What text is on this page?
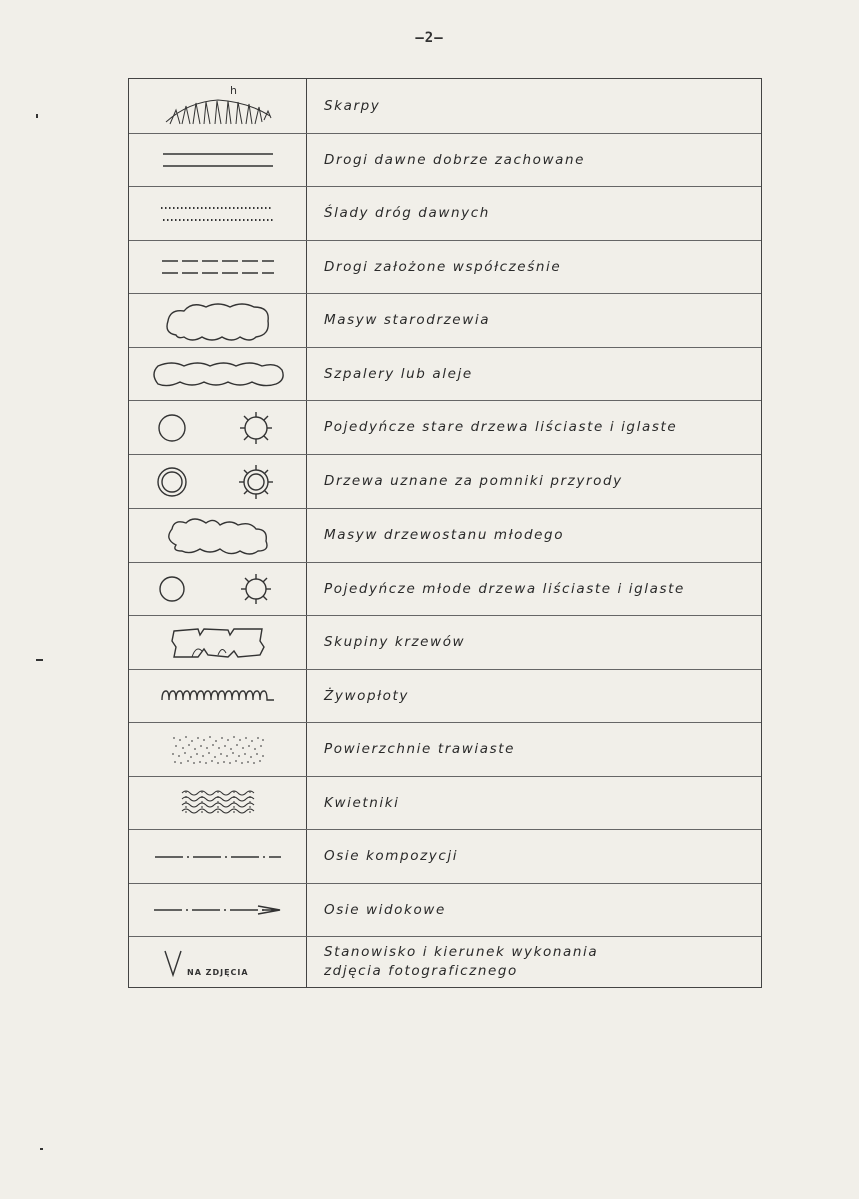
—2—
h
Skarpy
Drogi dawne dobrze zachowane
Ślady dróg dawnych
Drogi założone współcześnie
Masyw starodrzewia
Szpalery lub aleje
Pojedyńcze stare drzewa liściaste i iglaste
Drzewa uznane za pomniki przyrody
Masyw drzewostanu młodego
Pojedyńcze młode drzewa liściaste i iglaste
Skupiny krzewów
Żywopłoty
Powierzchnie trawiaste
Kwietniki
Osie kompozycji
Osie widokowe
NA ZDJĘCIA
Stanowisko i kierunek wykonania
zdjęcia fotograficznego
